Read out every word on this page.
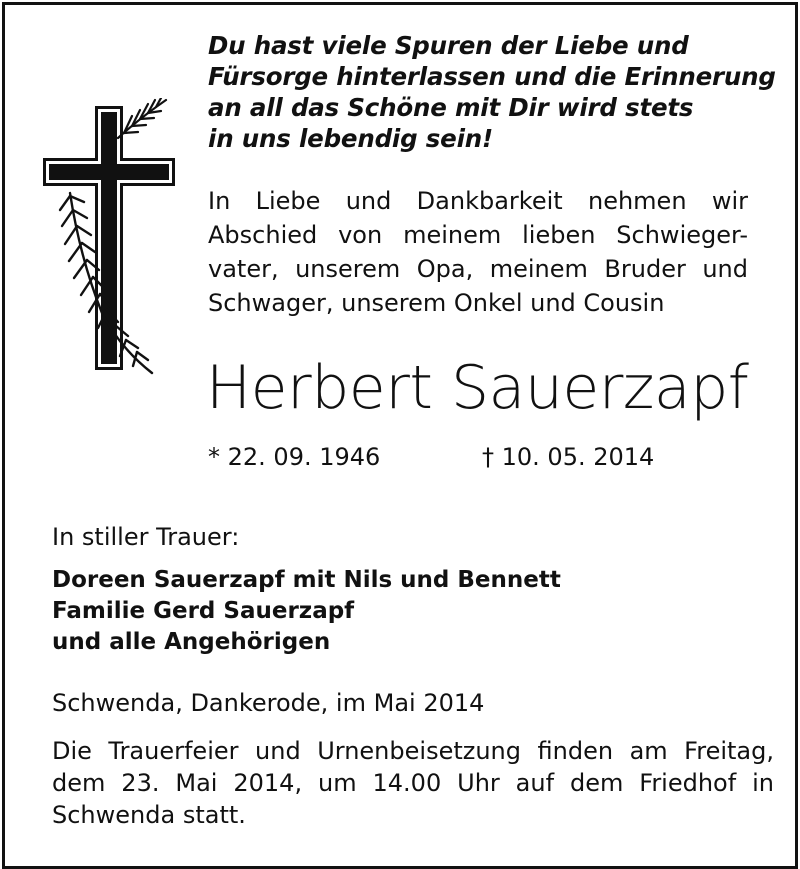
Du hast viele Spuren der Liebe und
Fürsorge hinterlassen und die Erinnerung
an all das Schöne mit Dir wird stets
in uns lebendig sein!
In Liebe und Dankbarkeit nehmen wir
Abschied von meinem lieben Schwieger-
vater, unserem Opa, meinem Bruder und
Schwager, unserem Onkel und Cousin
Herbert Sauerzapf
* 22. 09. 1946	† 10. 05. 2014
In stiller Trauer:
Doreen Sauerzapf mit Nils und Bennett
Familie Gerd Sauerzapf
und alle Angehörigen
Schwenda, Dankerode, im Mai 2014
Die Trauerfeier und Urnenbeisetzung finden am Freitag,
dem 23. Mai 2014, um 14.00 Uhr auf dem Friedhof in
Schwenda statt.
